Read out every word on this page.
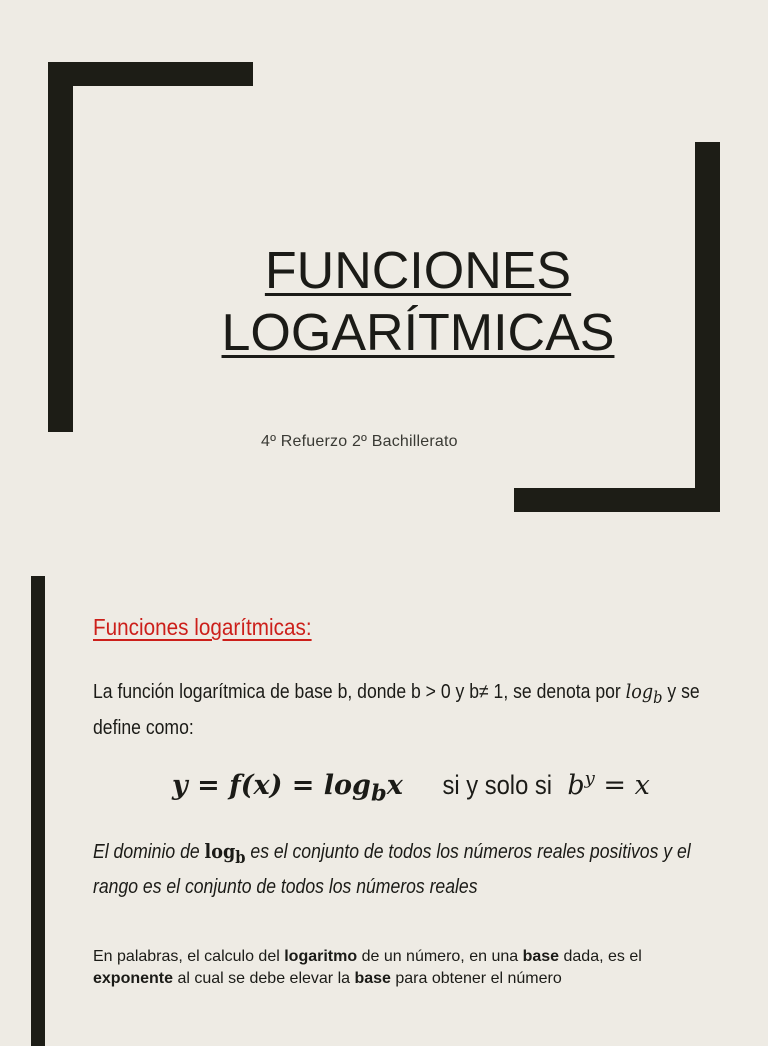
FUNCIONES
LOGARÍTMICAS

4º Refuerzo 2º Bachillerato

Funciones logarítmicas:

La función logarítmica de base b, donde b > 0 y b≠ 1, se denota por $\log_b y$ se define como:

$y = f(x) = \log_bx$ si y solo si $b^y = x$

El dominio de $\log_b$ es el conjunto de todos los números reales positivos y el rango es el conjunto de todos los números reales

En palabras, el calculo del logaritmo de un número, en una base dada, es el exponente al cual se debe elevar la base para obtener el número
